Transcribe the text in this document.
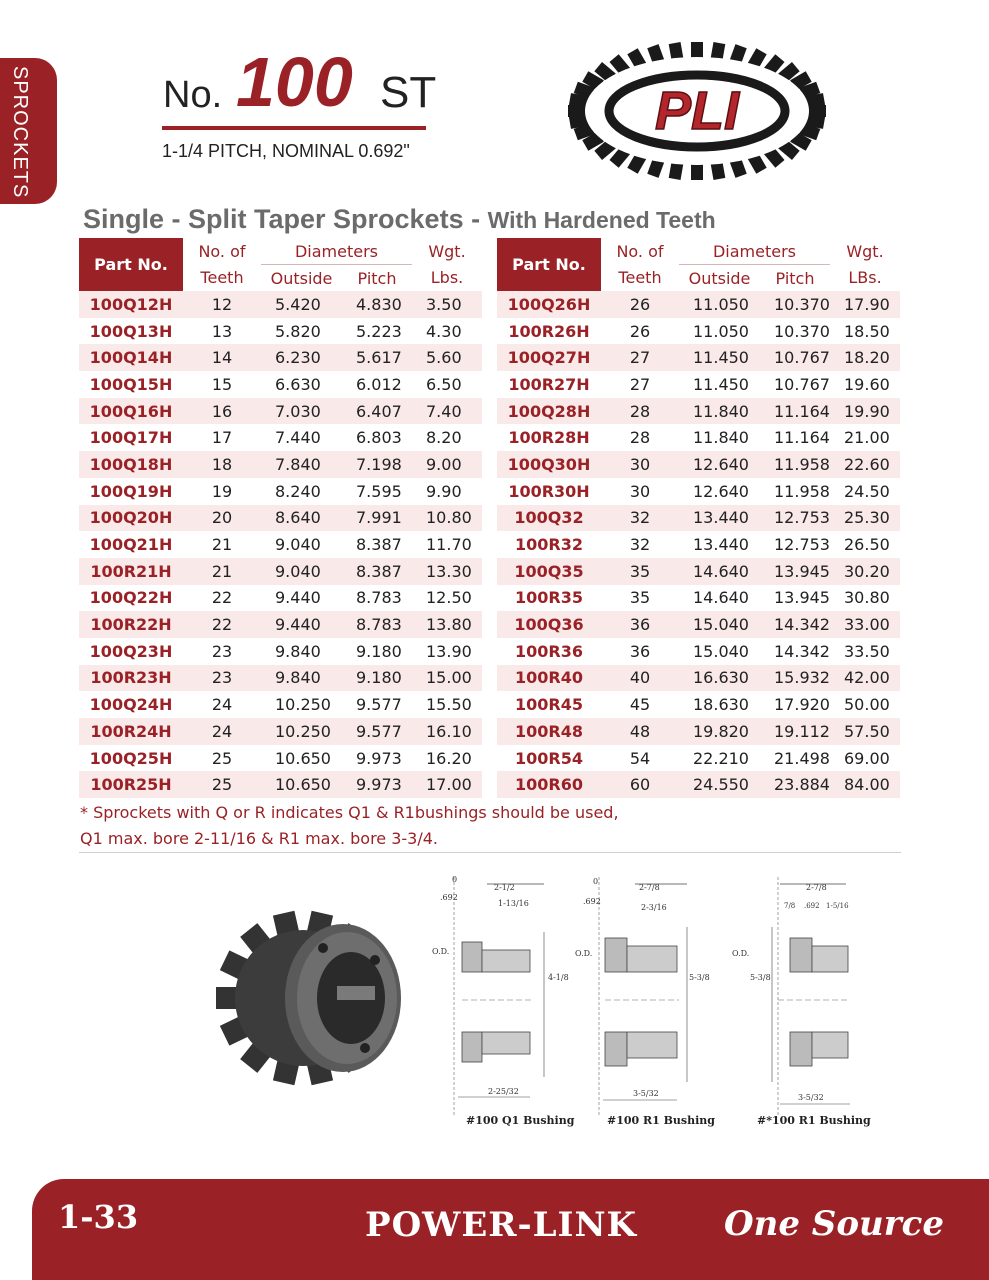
SPROCKETS	No. 100 ST
1-1/4 PITCH, NOMINAL 0.692"
PLI
Single - Split Taper Sprockets - With Hardened Teeth
Part No.	No. of	Diameters		Wgt.
	Teeth	Outside	Pitch	Lbs.
100Q12H	12	5.420	4.830	3.50
100Q13H	13	5.820	5.223	4.30
100Q14H	14	6.230	5.617	5.60
100Q15H	15	6.630	6.012	6.50
100Q16H	16	7.030	6.407	7.40
100Q17H	17	7.440	6.803	8.20
100Q18H	18	7.840	7.198	9.00
100Q19H	19	8.240	7.595	9.90
100Q20H	20	8.640	7.991	10.80
100Q21H	21	9.040	8.387	11.70
100R21H	21	9.040	8.387	13.30
100Q22H	22	9.440	8.783	12.50
100R22H	22	9.440	8.783	13.80
100Q23H	23	9.840	9.180	13.90
100R23H	23	9.840	9.180	15.00
100Q24H	24	10.250	9.577	15.50
100R24H	24	10.250	9.577	16.10
100Q25H	25	10.650	9.973	16.20
100R25H	25	10.650	9.973	17.00
Part No.	No. of	Diameters		Wgt.
	Teeth	Outside	Pitch	LBs.
100Q26H	26	11.050	10.370	17.90
100R26H	26	11.050	10.370	18.50
100Q27H	27	11.450	10.767	18.20
100R27H	27	11.450	10.767	19.60
100Q28H	28	11.840	11.164	19.90
100R28H	28	11.840	11.164	21.00
100Q30H	30	12.640	11.958	22.60
100R30H	30	12.640	11.958	24.50
100Q32	32	13.440	12.753	25.30
100R32	32	13.440	12.753	26.50
100Q35	35	14.640	13.945	30.20
100R35	35	14.640	13.945	30.80
100Q36	36	15.040	14.342	33.00
100R36	36	15.040	14.342	33.50
100R40	40	16.630	15.932	42.00
100R45	45	18.630	17.920	50.00
100R48	48	19.820	19.112	57.50
100R54	54	22.210	21.498	69.00
100R60	60	24.550	23.884	84.00
* Sprockets with Q or R indicates Q1 & R1bushings should be used,
Q1 max. bore 2-11/16 & R1 max. bore 3-3/4.
0
.692
2-1/2
1-13/16
O.D.
4-1/8
2-25/32
0
.692
2-7/8
2-3/16
O.D.
5-3/8
3-5/32
2-7/8
7/8 .692 1-5/16
O.D.
5-3/8
3-5/32
#100 Q1 Bushing	#100 R1 Bushing	#*100 R1 Bushing
1-33	POWER-LINK	One Source
